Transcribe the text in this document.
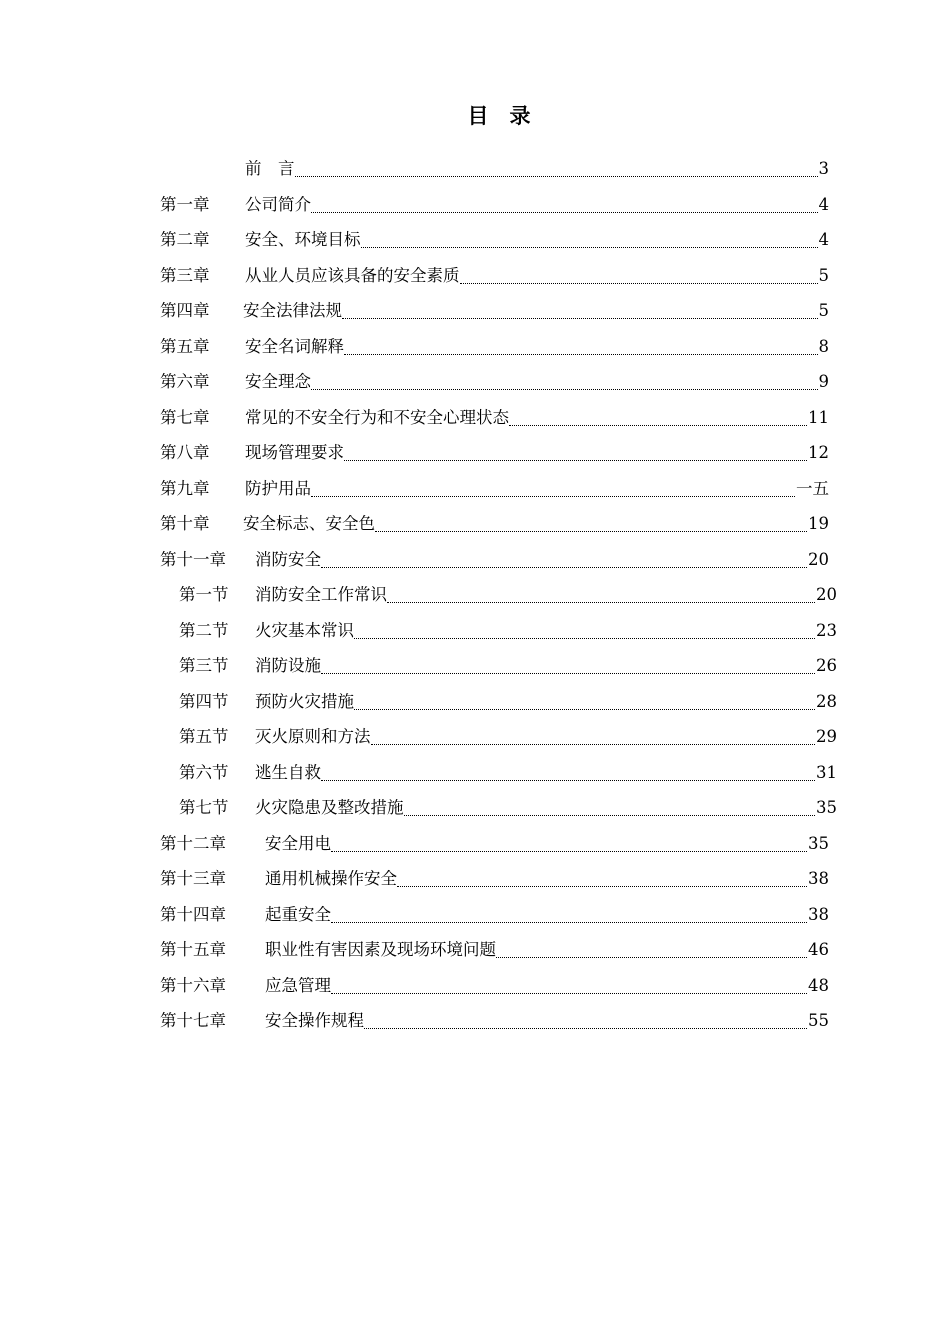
目　录
前　言	3
第一章 公司简介	4
第二章 安全、环境目标	4
第三章 从业人员应该具备的安全素质	5
第四章 安全法律法规	5
第五章 安全名词解释	8
第六章 安全理念	9
第七章 常见的不安全行为和不安全心理状态	11
第八章 现场管理要求	12
第九章 防护用品	一五
第十章 安全标志、安全色	19
第十一章 消防安全	20
第一节 消防安全工作常识	20
第二节 火灾基本常识	23
第三节 消防设施	26
第四节 预防火灾措施	28
第五节 灭火原则和方法	29
第六节 逃生自救	31
第七节 火灾隐患及整改措施	35
第十二章 安全用电	35
第十三章 通用机械操作安全	38
第十四章 起重安全	38
第十五章 职业性有害因素及现场环境问题	46
第十六章 应急管理	48
第十七章 安全操作规程	55
